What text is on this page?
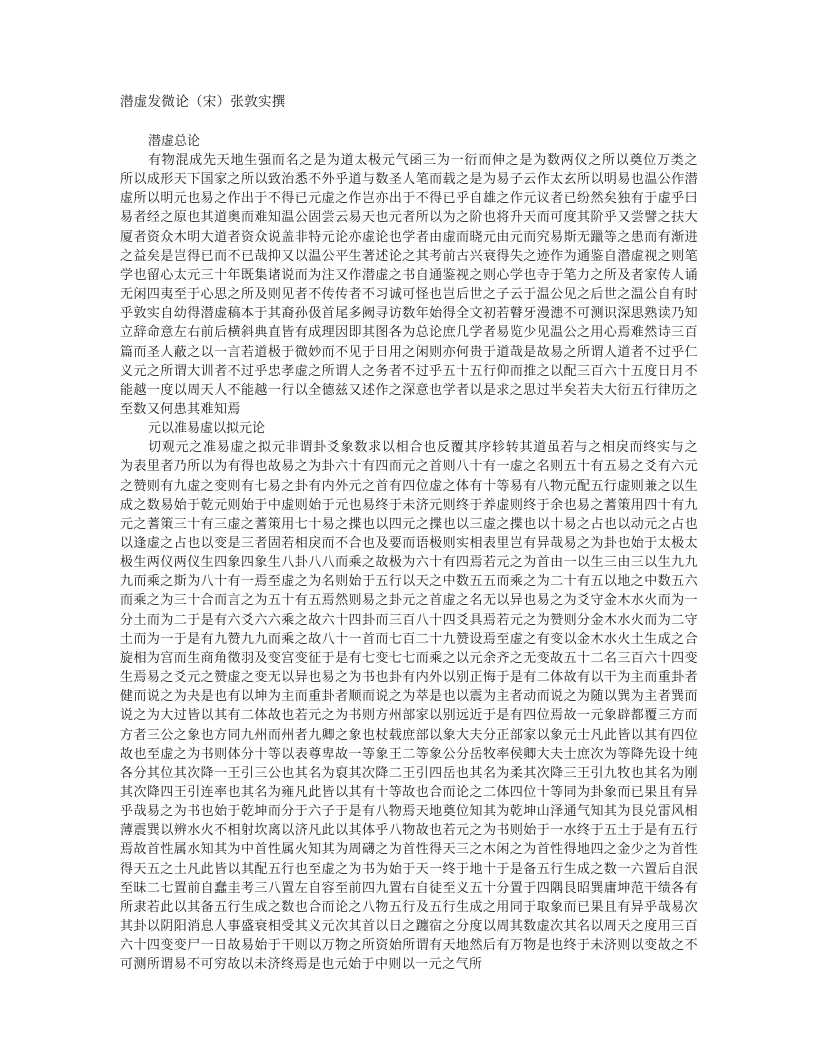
潜虚发微论（宋）张敦实撰
潜虚总论

有物混成先天地生强而名之是为道太极元气函三为一衍而伸之是为数两仪之所以奠位万类之所以成形天下国家之所以致治悉不外乎道与数圣人笔而载之是为易子云作太玄所以明易也温公作潜虚所以明元也易之作出于不得已元虚之作岂亦出于不得已乎自雄之作元议者已纷然矣独有于虚乎曰易者经之原也其道奥而难知温公固尝云易天也元者所以为之阶也将升天而可度其阶乎又尝譬之扶大厦者资众木明大道者资众说盖非特元论亦虚论也学者由虚而晓元由元而究易斯无躐等之患而有渐进之益矣是岂得已而不已哉抑又以温公平生著述论之其考前古兴衰得失之迹作为通鉴自潜虚视之则笔学也留心太元三十年既集诸说而为注又作潜虚之书自通鉴视之则心学也寺于笔力之所及者家传人诵无闲四夷至于心思之所及则见者不传传者不习诚可怪也岂后世之子云于温公见之后世之温公自有时乎敦实自幼得潜虚稿本于其裔孙伋首尾多阙寻访数年始得全文初若瞽牙漫漶不可测识深思熟读乃知立辞命意左右前后横斜典直皆有成理因即其图各为总论庶几学者易览少见温公之用心焉难然诗三百篇而圣人蔽之以一言若道极于微妙而不见于日用之闲则亦何贵于道哉是故易之所谓人道者不过乎仁义元之所谓大训者不过乎忠孝虚之所谓人之务者不过乎五十五行仰而推之以配三百六十五度日月不能越一度以周天人不能越一行以全德兹又述作之深意也学者以是求之思过半矣若夫大衍五行律历之至数又何患其难知焉

元以准易虚以拟元论

切观元之准易虚之拟元非谓卦爻象数求以相合也反覆其序轸转其道虽若与之相戾而终实与之为表里者乃所以为有得也故易之为卦六十有四而元之首则八十有一虚之名则五十有五易之爻有六元之赞则有九虚之变则有七易之卦有内外元之首有四位虚之体有十等易有八物元配五行虚则兼之以生成之数易始于乾元则始于中虚则始于元也易终于未济元则终于养虚则终于余也易之蓍策用四十有九元之蓍策三十有三虚之蓍策用七十易之揲也以四元之揲也以三虚之揲也以十易之占也以动元之占也以逢虚之占也以变是三者固若相戾而不合也及要而语极则实相表里岂有异哉易之为卦也始于太极太极生两仪两仪生四象四象生八卦八八而乘之故极为六十有四焉若元之为首由一以生三由三以生九九九而乘之斯为八十有一焉至虚之为名则始于五行以天之中数五五而乘之为二十有五以地之中数五六而乘之为三十合而言之为五十有五焉然则易之卦元之首虚之名无以异也易之为爻守金木水火而为一分土而为二于是有六爻六六乘之故六十四卦而三百八十四爻具焉若元之为赞则分金木水火而为二守土而为一于是有九赞九九而乘之故八十一首而七百二十九赞设焉至虚之有变以金木水火土生成之合旋相为宫而生商角徵羽及变宫变征于是有七变七七而乘之以元余齐之无变故五十二名三百六十四变生焉易之爻元之赞虚之变无以异也易之为书也卦有内外以别正悔于是有二体故有以干为主而重卦者健而说之为夬是也有以坤为主而重卦者顺而说之为萃是也以震为主者动而说之为随以巽为主者巽而说之为大过皆以其有二体故也若元之为书则方州部家以别远近于是有四位焉故一元象辟都覆三方而方者三公之象也方同九州而州者九卿之象也杖载庶部以象大夫分正部家以象元士凡此皆以其有四位故也至虚之为书则体分十等以表尊卑故一等象王二等象公分岳牧率侯卿大夫士庶次为等降先设十纯各分其位其次降一王引三公也其名为裒其次降二王引四岳也其名为柔其次降三王引九牧也其名为刚其次降四王引连率也其名为雍凡此皆以其有十等故也合而论之二体四位十等同为卦象而已果且有异乎哉易之为书也始于乾坤而分于六子于是有八物焉天地奠位知其为乾坤山泽通气知其为艮兑雷风相薄震巽以辨水火不相射坎离以济凡此以其体乎八物故也若元之为书则始于一水终于五土于是有五行焉故首性属水知其为中首性属火知其为周礴之为首性得天三之木闲之为首性得地四之金少之为首性得天五之土凡此皆以其配五行也至虚之为书为始于天一终于地十于是备五行生成之数一六置后自泯至昧二七置前自蠢圭考三八置左自容至前四九置右自徒至义五十分置于四隅艮昭巽庸坤范干绩各有所隶若此以其备五行生成之数也合而论之八物五行及五行生成之用同于取象而已果且有异乎哉易次其卦以阴阳消息人事盛衰相受其义元次其首以日之躔宿之分度以周其数虚次其名以周天之度用三百六十四变变尸一日故易始于干则以万物之所资始所谓有天地然后有万物是也终于未济则以变故之不可测所谓易不可穷故以未济终焉是也元始于中则以一元之气所
